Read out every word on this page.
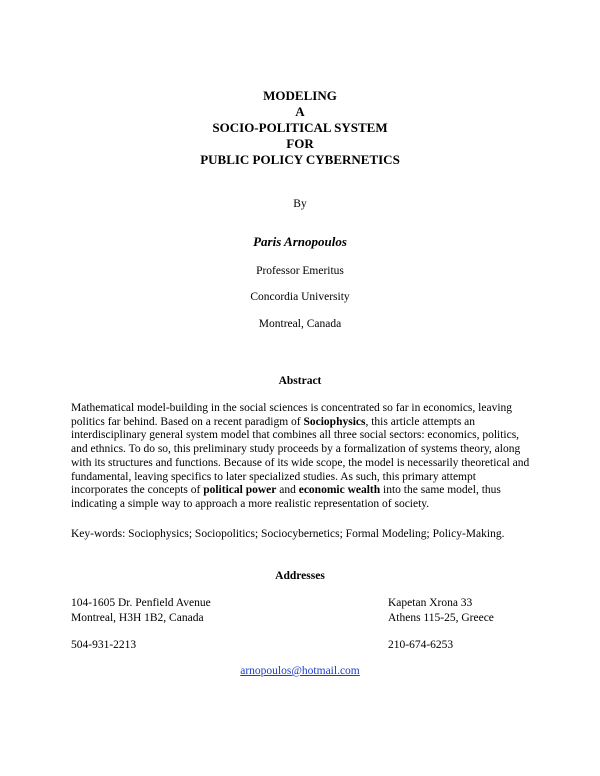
MODELING
A
SOCIO-POLITICAL SYSTEM
FOR
PUBLIC POLICY CYBERNETICS
By
Paris Arnopoulos
Professor Emeritus
Concordia University
Montreal, Canada
Abstract
Mathematical model-building in the social sciences is concentrated so far in economics, leaving politics far behind. Based on a recent paradigm of Sociophysics, this article attempts an interdisciplinary general system model that combines all three social sectors: economics, politics, and ethnics. To do so, this preliminary study proceeds by a formalization of systems theory, along with its structures and functions. Because of its wide scope, the model is necessarily theoretical and fundamental, leaving specifics to later specialized studies. As such, this primary attempt incorporates the concepts of political power and economic wealth into the same model, thus indicating a simple way to approach a more realistic representation of society.
Key-words: Sociophysics; Sociopolitics; Sociocybernetics; Formal Modeling; Policy-Making.
Addresses
104-1605 Dr. Penfield Avenue
Montreal, H3H 1B2, Canada
Kapetan Xrona 33
Athens 115-25, Greece
504-931-2213	210-674-6253
arnopoulos@hotmail.com
